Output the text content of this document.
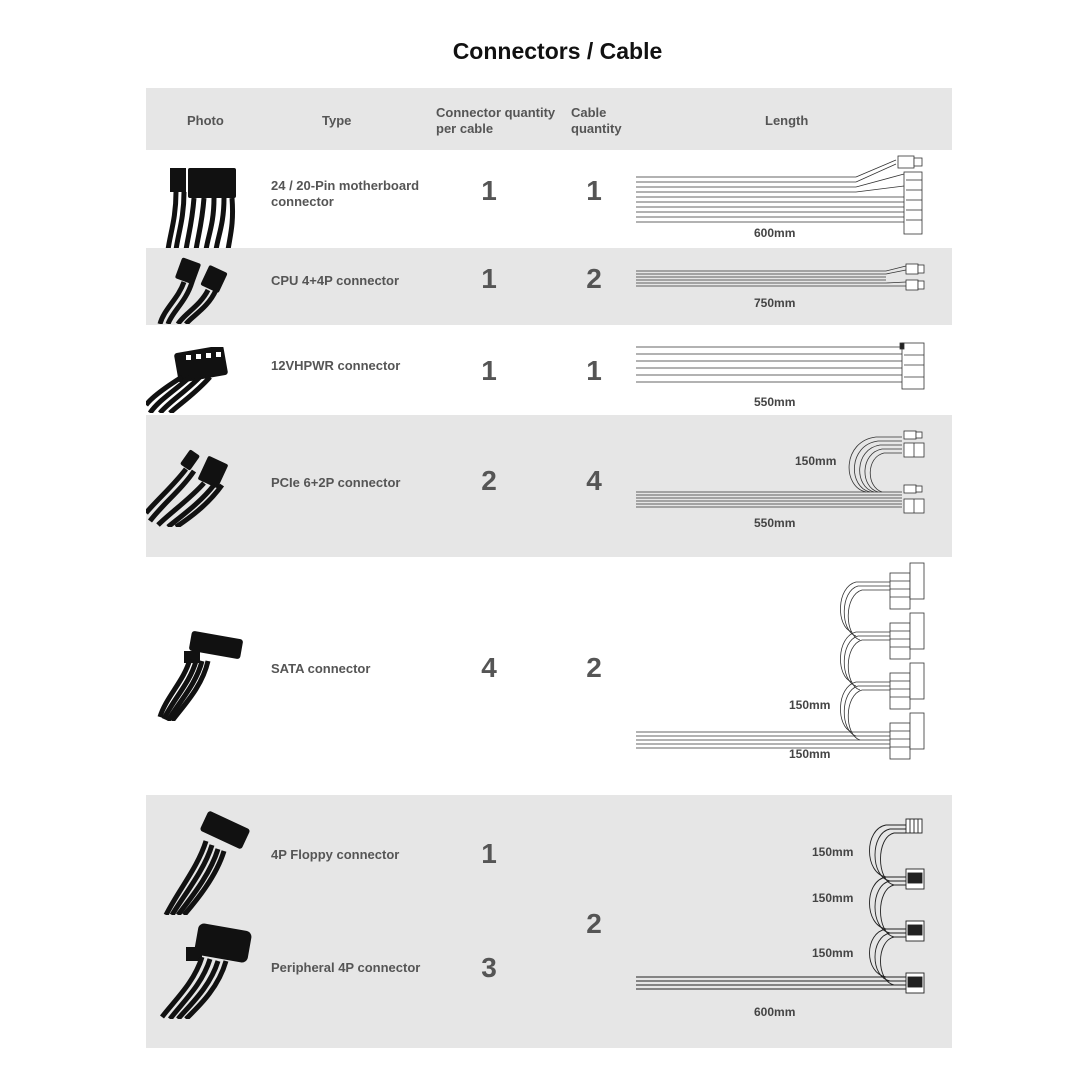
Connectors / Cable
Photo	Type
Connector quantity
per cable
Cable
quantity
Length
24 / 20-Pin motherboard connector	1	1
600mm
CPU 4+4P connector	1	2
750mm
12VHPWR connector	1	1
550mm
PCIe 6+2P connector	2	4
150mm
550mm
SATA connector	4	2
150mm
150mm
4P Floppy connector	1
Peripheral 4P connector	3
2
150mm
150mm
150mm
600mm
